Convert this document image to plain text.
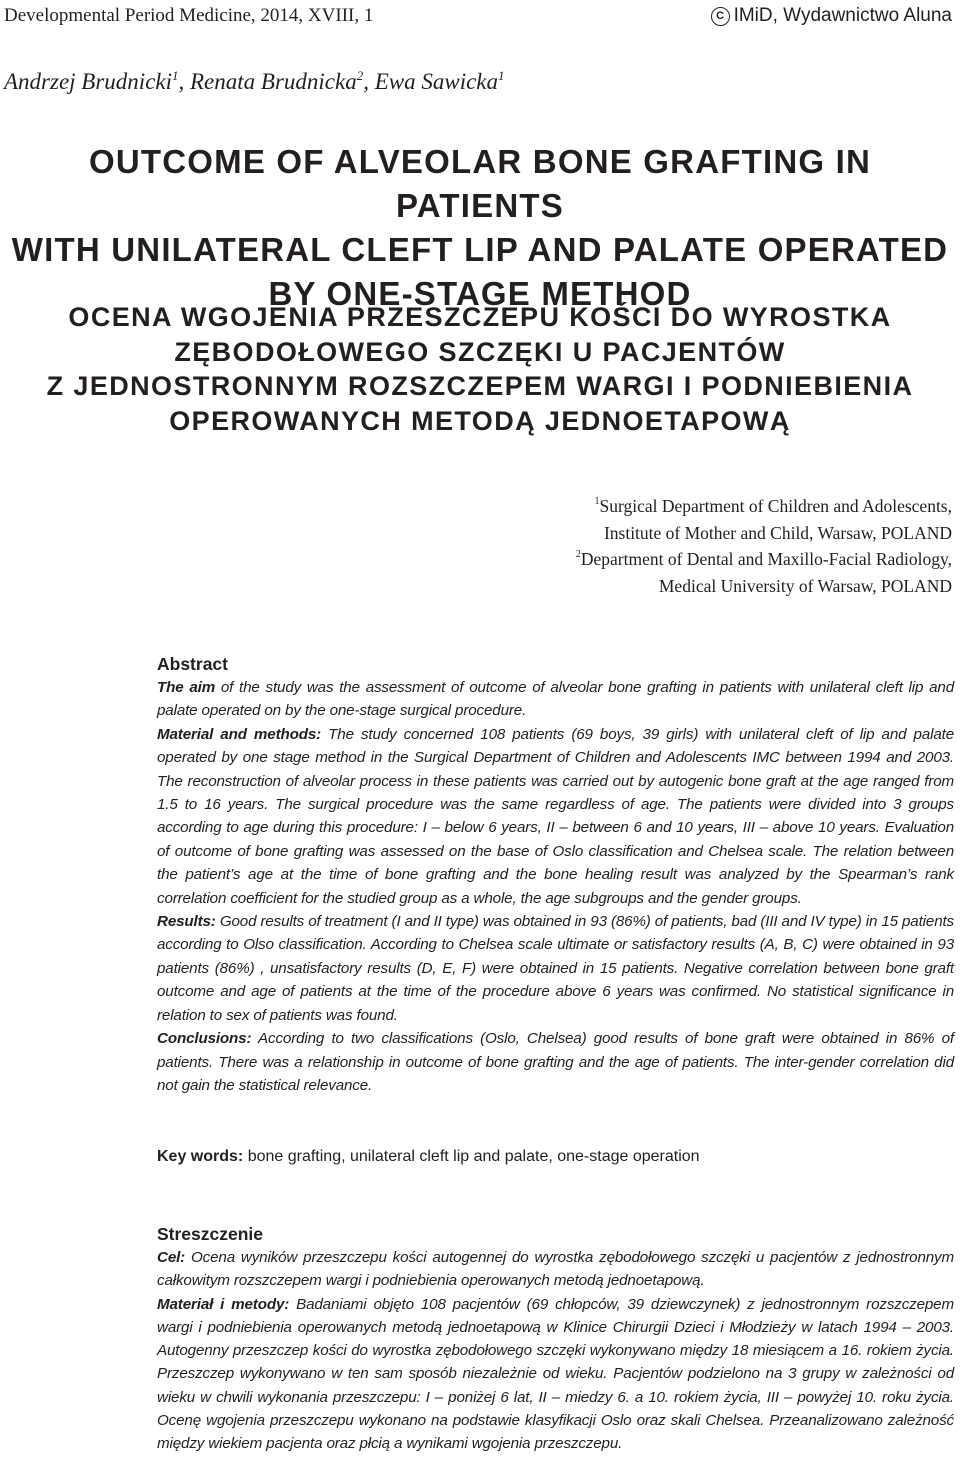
Developmental Period Medicine, 2014, XVIII, 1	C IMiD, Wydawnictwo Aluna
Andrzej Brudnicki$^1$, Renata Brudnicka$^2$, Ewa Sawicka$^1$
OUTCOME OF ALVEOLAR BONE GRAFTING IN PATIENTS
WITH UNILATERAL CLEFT LIP AND PALATE OPERATED
BY ONE-STAGE METHOD
OCENA WGOJENIA PRZESZCZEPU KOŚCI DO WYROSTKA
ZĘBODOŁOWEGO SZCZĘKI U PACJENTÓW
Z JEDNOSTRONNYM ROZSZCZEPEM WARGI I PODNIEBIENIA
OPEROWANYCH METODĄ JEDNOETAPOWĄ
$^1$Surgical Department of Children and Adolescents,
Institute of Mother and Child, Warsaw, POLAND
$^2$Department of Dental and Maxillo-Facial Radiology,
Medical University of Warsaw, POLAND
Abstract

The aim of the study was the assessment of outcome of alveolar bone grafting in patients with unilateral cleft lip and palate operated on by the one-stage surgical procedure.

Material and methods: The study concerned 108 patients (69 boys, 39 girls) with unilateral cleft of lip and palate operated by one stage method in the Surgical Department of Children and Adolescents IMC between 1994 and 2003. The reconstruction of alveolar process in these patients was carried out by autogenic bone graft at the age ranged from 1.5 to 16 years. The surgical procedure was the same regardless of age. The patients were divided into 3 groups according to age during this procedure: I – below 6 years, II – between 6 and 10 years, III – above 10 years. Evaluation of outcome of bone grafting was assessed on the base of Oslo classification and Chelsea scale. The relation between the patient’s age at the time of bone grafting and the bone healing result was analyzed by the Spearman’s rank correlation coefficient for the studied group as a whole, the age subgroups and the gender groups.

Results: Good results of treatment (I and II type) was obtained in 93 (86%) of patients, bad (III and IV type) in 15 patients according to Olso classification. According to Chelsea scale ultimate or satisfactory results (A, B, C) were obtained in 93 patients (86%) , unsatisfactory results (D, E, F) were obtained in 15 patients. Negative correlation between bone graft outcome and age of patients at the time of the procedure above 6 years was confirmed. No statistical significance in relation to sex of patients was found.

Conclusions: According to two classifications (Oslo, Chelsea) good results of bone graft were obtained in 86% of patients. There was a relationship in outcome of bone grafting and the age of patients. The inter-gender correlation did not gain the statistical relevance.

Key words: bone grafting, unilateral cleft lip and palate, one-stage operation
Streszczenie

Cel: Ocena wyników przeszczepu kości autogennej do wyrostka zębodołowego szczęki u pacjentów z jednostronnym całkowitym rozszczepem wargi i podniebienia operowanych metodą jednoetapową.

Materiał i metody: Badaniami objęto 108 pacjentów (69 chłopców, 39 dziewczynek) z jednostronnym rozszczepem wargi i podniebienia operowanych metodą jednoetapową w Klinice Chirurgii Dzieci i Młodzieży w latach 1994 – 2003. Autogenny przeszczep kości do wyrostka zębodołowego szczęki wykonywano między 18 miesiącem a 16. rokiem życia. Przeszczep wykonywano w ten sam sposób niezależnie od wieku. Pacjentów podzielono na 3 grupy w zależności od wieku w chwili wykonania przeszczepu: I – poniżej 6 lat, II – miedzy 6. a 10. rokiem życia, III – powyżej 10. roku życia. Ocenę wgojenia przeszczepu wykonano na podstawie klasyfikacji Oslo oraz skali Chelsea. Przeanalizowano zależność między wiekiem pacjenta oraz płcią a wynikami wgojenia przeszczepu.
